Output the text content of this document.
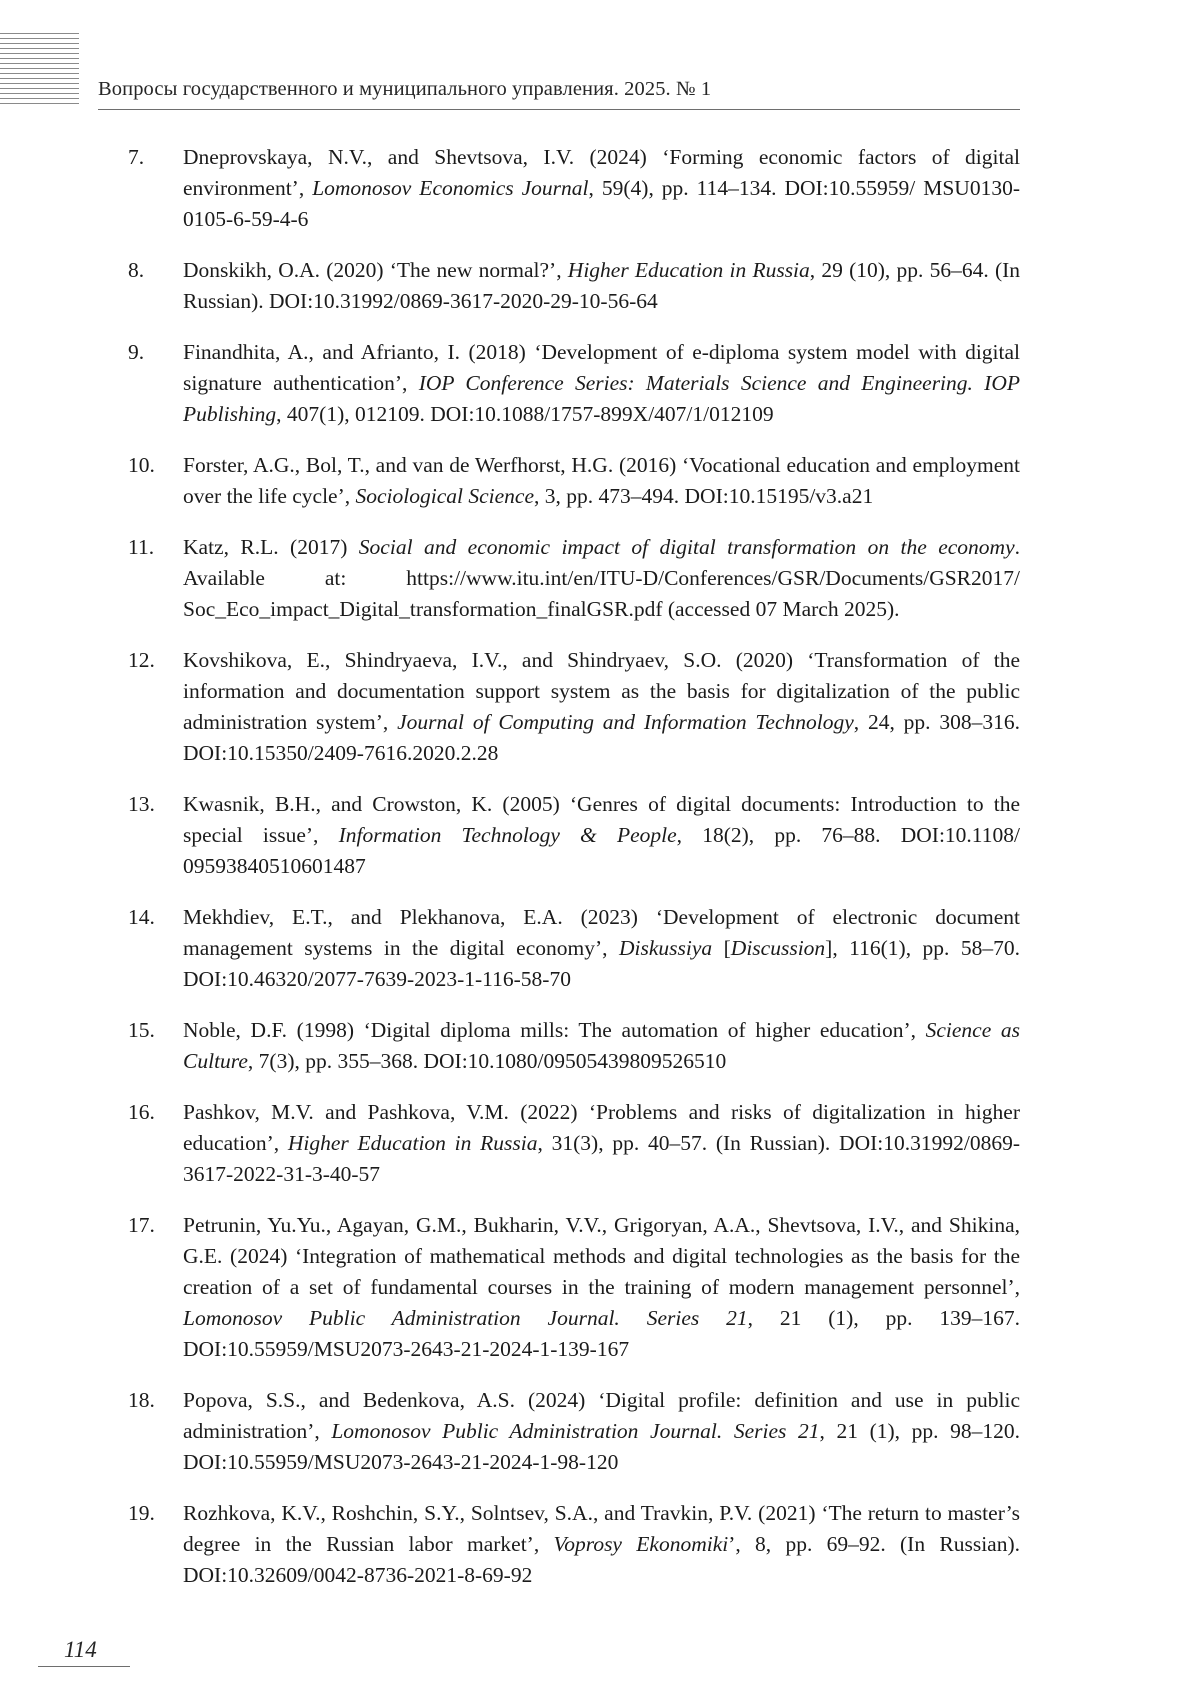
Вопросы государственного и муниципального управления. 2025. № 1
7. Dneprovskaya, N.V., and Shevtsova, I.V. (2024) ‘Forming economic factors of digital environment’, Lomonosov Economics Journal, 59(4), pp. 114–134. DOI:10.55959/ MSU0130-0105-6-59-4-6
8. Donskikh, O.A. (2020) ‘The new normal?’, Higher Education in Russia, 29 (10), pp. 56–64. (In Russian). DOI:10.31992/0869-3617-2020-29-10-56-64
9. Finandhita, A., and Afrianto, I. (2018) ‘Development of e-diploma system model with digital signature authentication’, IOP Conference Series: Materials Science and Engineering. IOP Publishing, 407(1), 012109. DOI:10.1088/1757-899X/407/1/012109
10. Forster, A.G., Bol, T., and van de Werfhorst, H.G. (2016) ‘Vocational education and employment over the life cycle’, Sociological Science, 3, pp. 473–494. DOI:10.15195/v3.a21
11. Katz, R.L. (2017) Social and economic impact of digital transformation on the economy. Available at: https://www.itu.int/en/ITU-D/Conferences/GSR/Documents/GSR2017/ Soc_Eco_impact_Digital_transformation_finalGSR.pdf (accessed 07 March 2025).
12. Kovshikova, E., Shindryaeva, I.V., and Shindryaev, S.O. (2020) ‘Transformation of the information and documentation support system as the basis for digitalization of the public administration system’, Journal of Computing and Information Technology, 24, pp. 308–316. DOI:10.15350/2409-7616.2020.2.28
13. Kwasnik, B.H., and Crowston, K. (2005) ‘Genres of digital documents: Introduction to the special issue’, Information Technology & People, 18(2), pp. 76–88. DOI:10.1108/ 09593840510601487
14. Mekhdiev, E.T., and Plekhanova, E.A. (2023) ‘Development of electronic document management systems in the digital economy’, Diskussiya [Discussion], 116(1), pp. 58–70. DOI:10.46320/2077-7639-2023-1-116-58-70
15. Noble, D.F. (1998) ‘Digital diploma mills: The automation of higher education’, Science as Culture, 7(3), pp. 355–368. DOI:10.1080/09505439809526510
16. Pashkov, M.V. and Pashkova, V.M. (2022) ‘Problems and risks of digitalization in higher education’, Higher Education in Russia, 31(3), pp. 40–57. (In Russian). DOI:10.31992/0869-3617-2022-31-3-40-57
17. Petrunin, Yu.Yu., Agayan, G.M., Bukharin, V.V., Grigoryan, A.A., Shevtsova, I.V., and Shikina, G.E. (2024) ‘Integration of mathematical methods and digital technologies as the basis for the creation of a set of fundamental courses in the training of modern management personnel’, Lomonosov Public Administration Journal. Series 21, 21 (1), pp. 139–167. DOI:10.55959/MSU2073-2643-21-2024-1-139-167
18. Popova, S.S., and Bedenkova, A.S. (2024) ‘Digital profile: definition and use in public administration’, Lomonosov Public Administration Journal. Series 21, 21 (1), pp. 98–120. DOI:10.55959/MSU2073-2643-21-2024-1-98-120
19. Rozhkova, K.V., Roshchin, S.Y., Solntsev, S.A., and Travkin, P.V. (2021) ‘The return to master’s degree in the Russian labor market’, Voprosy Ekonomiki’, 8, pp. 69–92. (In Russian). DOI:10.32609/0042-8736-2021-8-69-92
114
